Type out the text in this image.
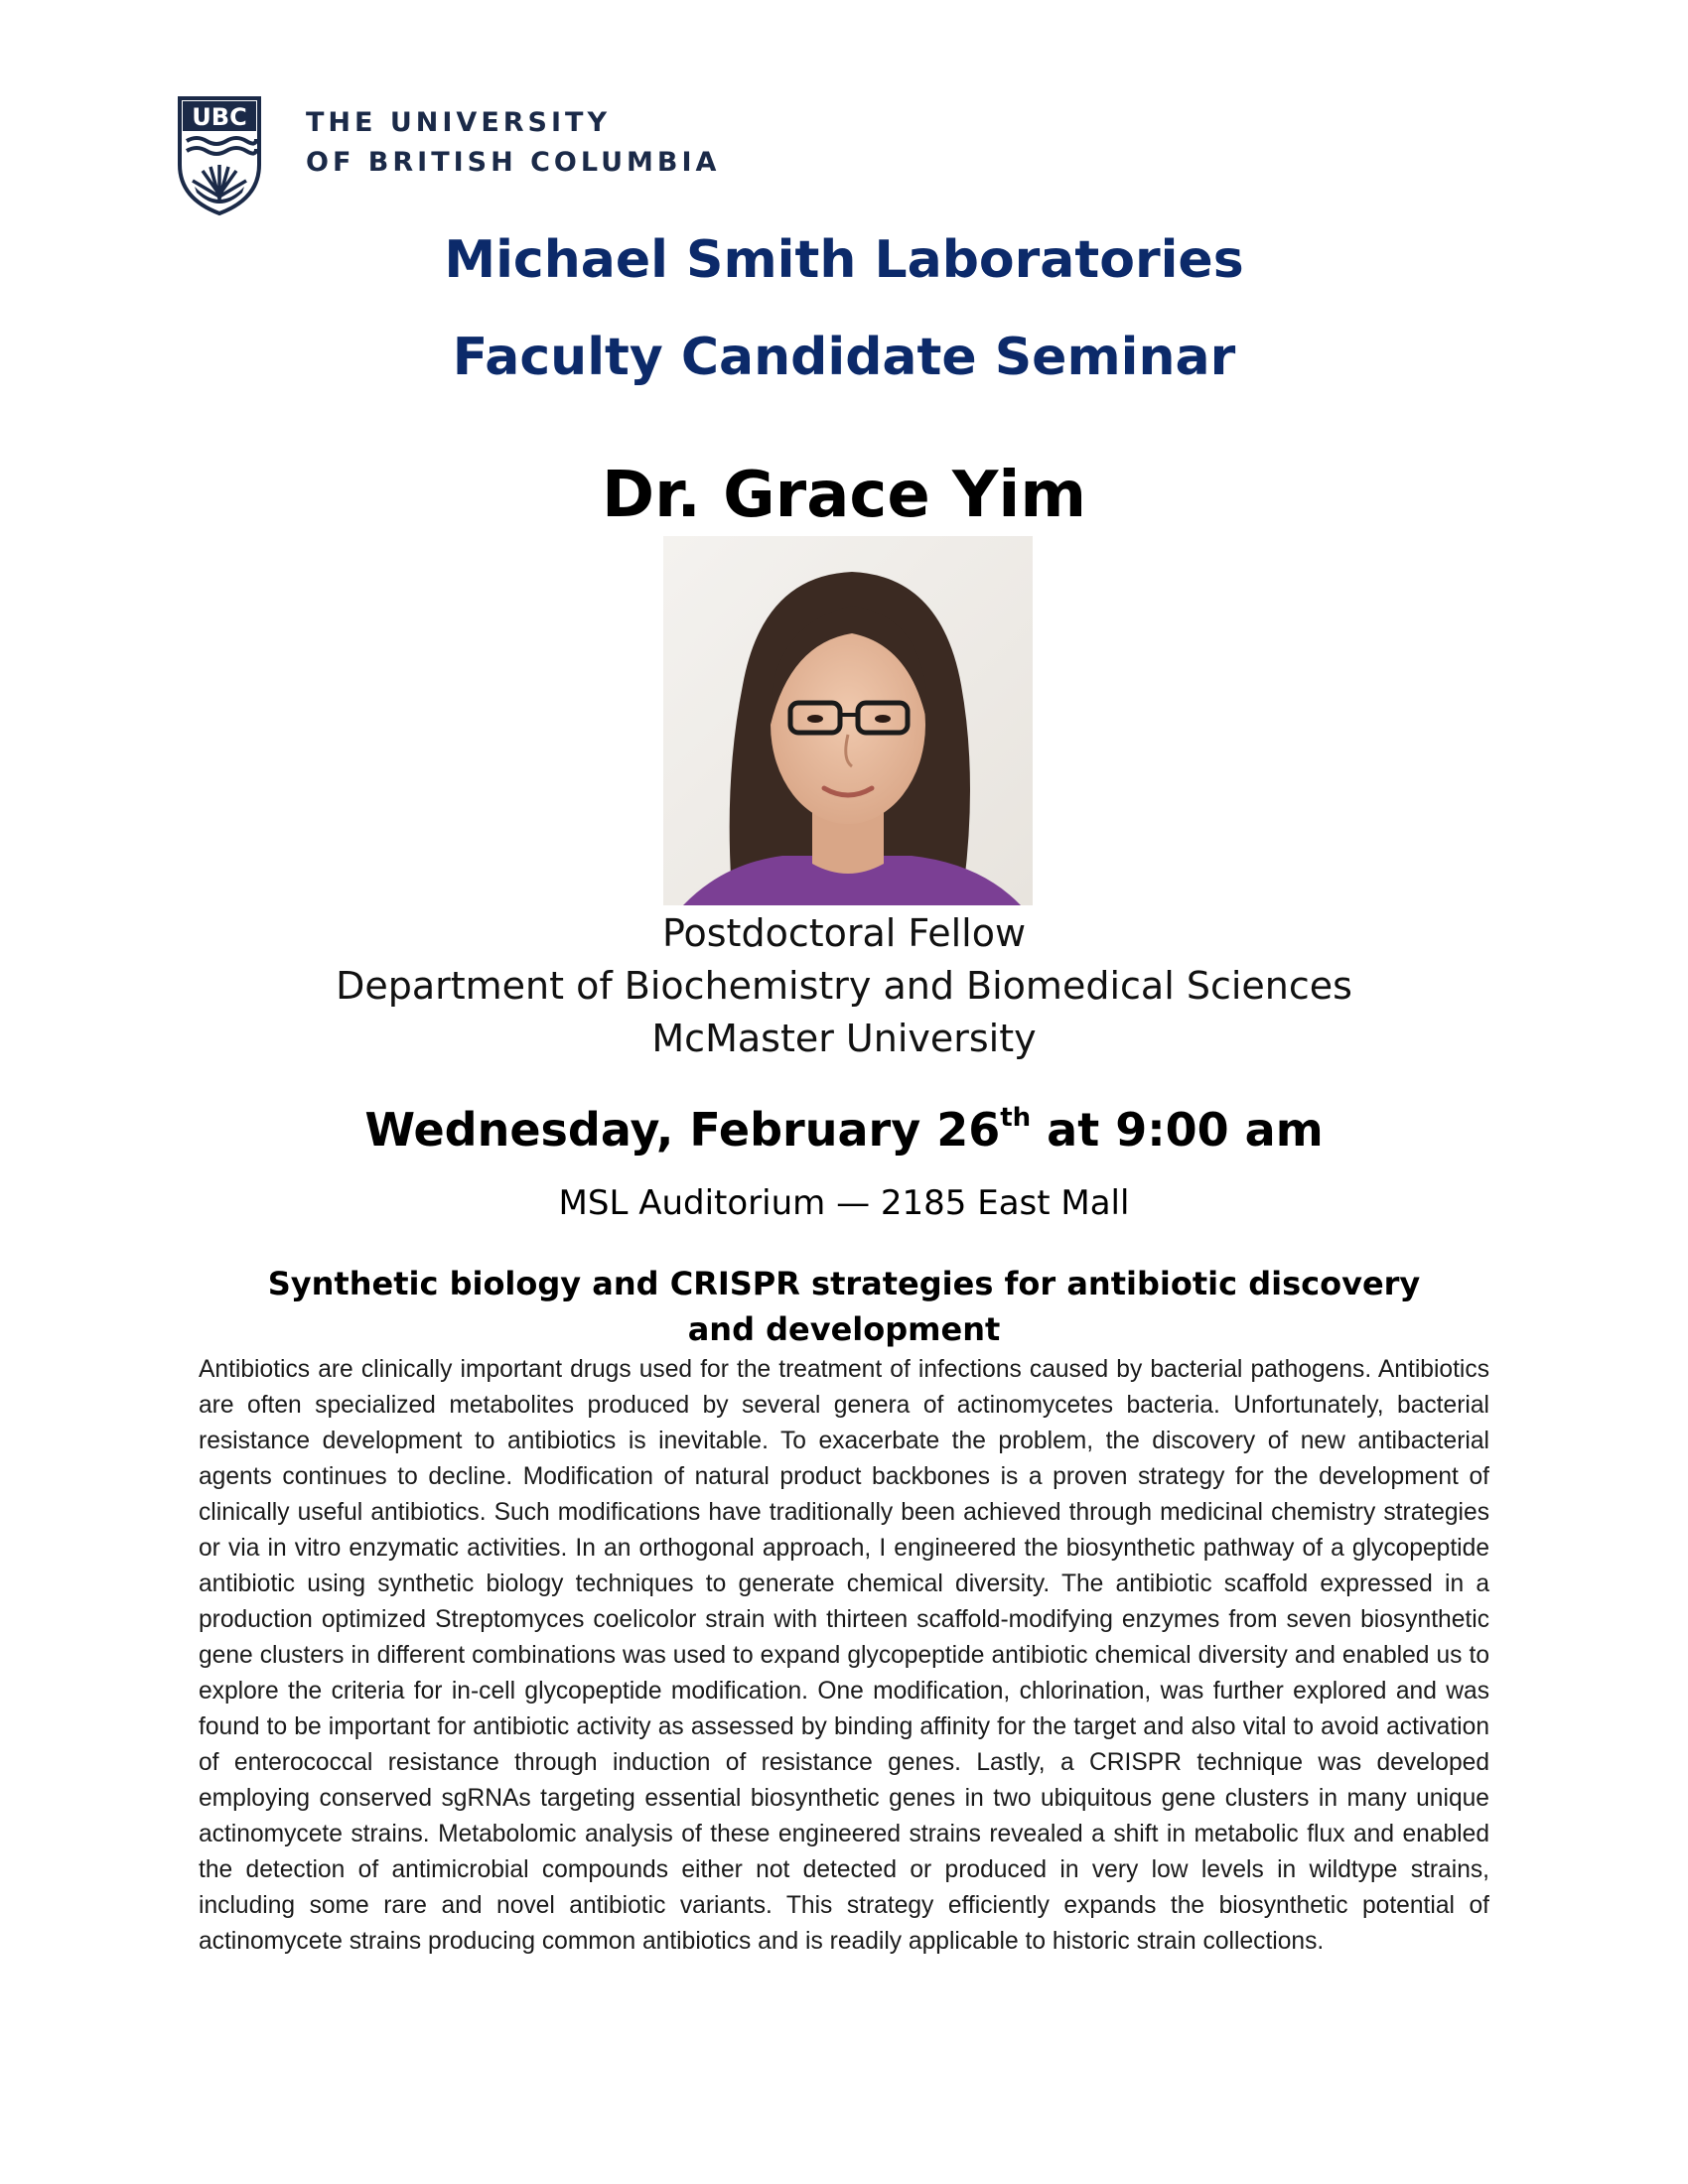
UBC THE UNIVERSITY
OF BRITISH COLUMBIA
Michael Smith Laboratories
Faculty Candidate Seminar
Dr. Grace Yim
Postdoctoral Fellow
Department of Biochemistry and Biomedical Sciences
McMaster University
Wednesday, February 26th at 9:00 am
MSL Auditorium — 2185 East Mall
Synthetic biology and CRISPR strategies for antibiotic discovery and development
Antibiotics are clinically important drugs used for the treatment of infections caused by bacterial pathogens. Antibiotics are often specialized metabolites produced by several genera of actinomycetes bacteria. Unfortunately, bacterial resistance development to antibiotics is inevitable. To exacerbate the problem, the discovery of new antibacterial agents continues to decline. Modification of natural product backbones is a proven strategy for the development of clinically useful antibiotics. Such modifications have traditionally been achieved through medicinal chemistry strategies or via in vitro enzymatic activities. In an orthogonal approach, I engineered the biosynthetic pathway of a glycopeptide antibiotic using synthetic biology techniques to generate chemical diversity. The antibiotic scaffold expressed in a production optimized Streptomyces coelicolor strain with thirteen scaffold-modifying enzymes from seven biosynthetic gene clusters in different combinations was used to expand glycopeptide antibiotic chemical diversity and enabled us to explore the criteria for in-cell glycopeptide modification. One modification, chlorination, was further explored and was found to be important for antibiotic activity as assessed by binding affinity for the target and also vital to avoid activation of enterococcal resistance through induction of resistance genes. Lastly, a CRISPR technique was developed employing conserved sgRNAs targeting essential biosynthetic genes in two ubiquitous gene clusters in many unique actinomycete strains. Metabolomic analysis of these engineered strains revealed a shift in metabolic flux and enabled the detection of antimicrobial compounds either not detected or produced in very low levels in wildtype strains, including some rare and novel antibiotic variants. This strategy efficiently expands the biosynthetic potential of actinomycete strains producing common antibiotics and is readily applicable to historic strain collections.
